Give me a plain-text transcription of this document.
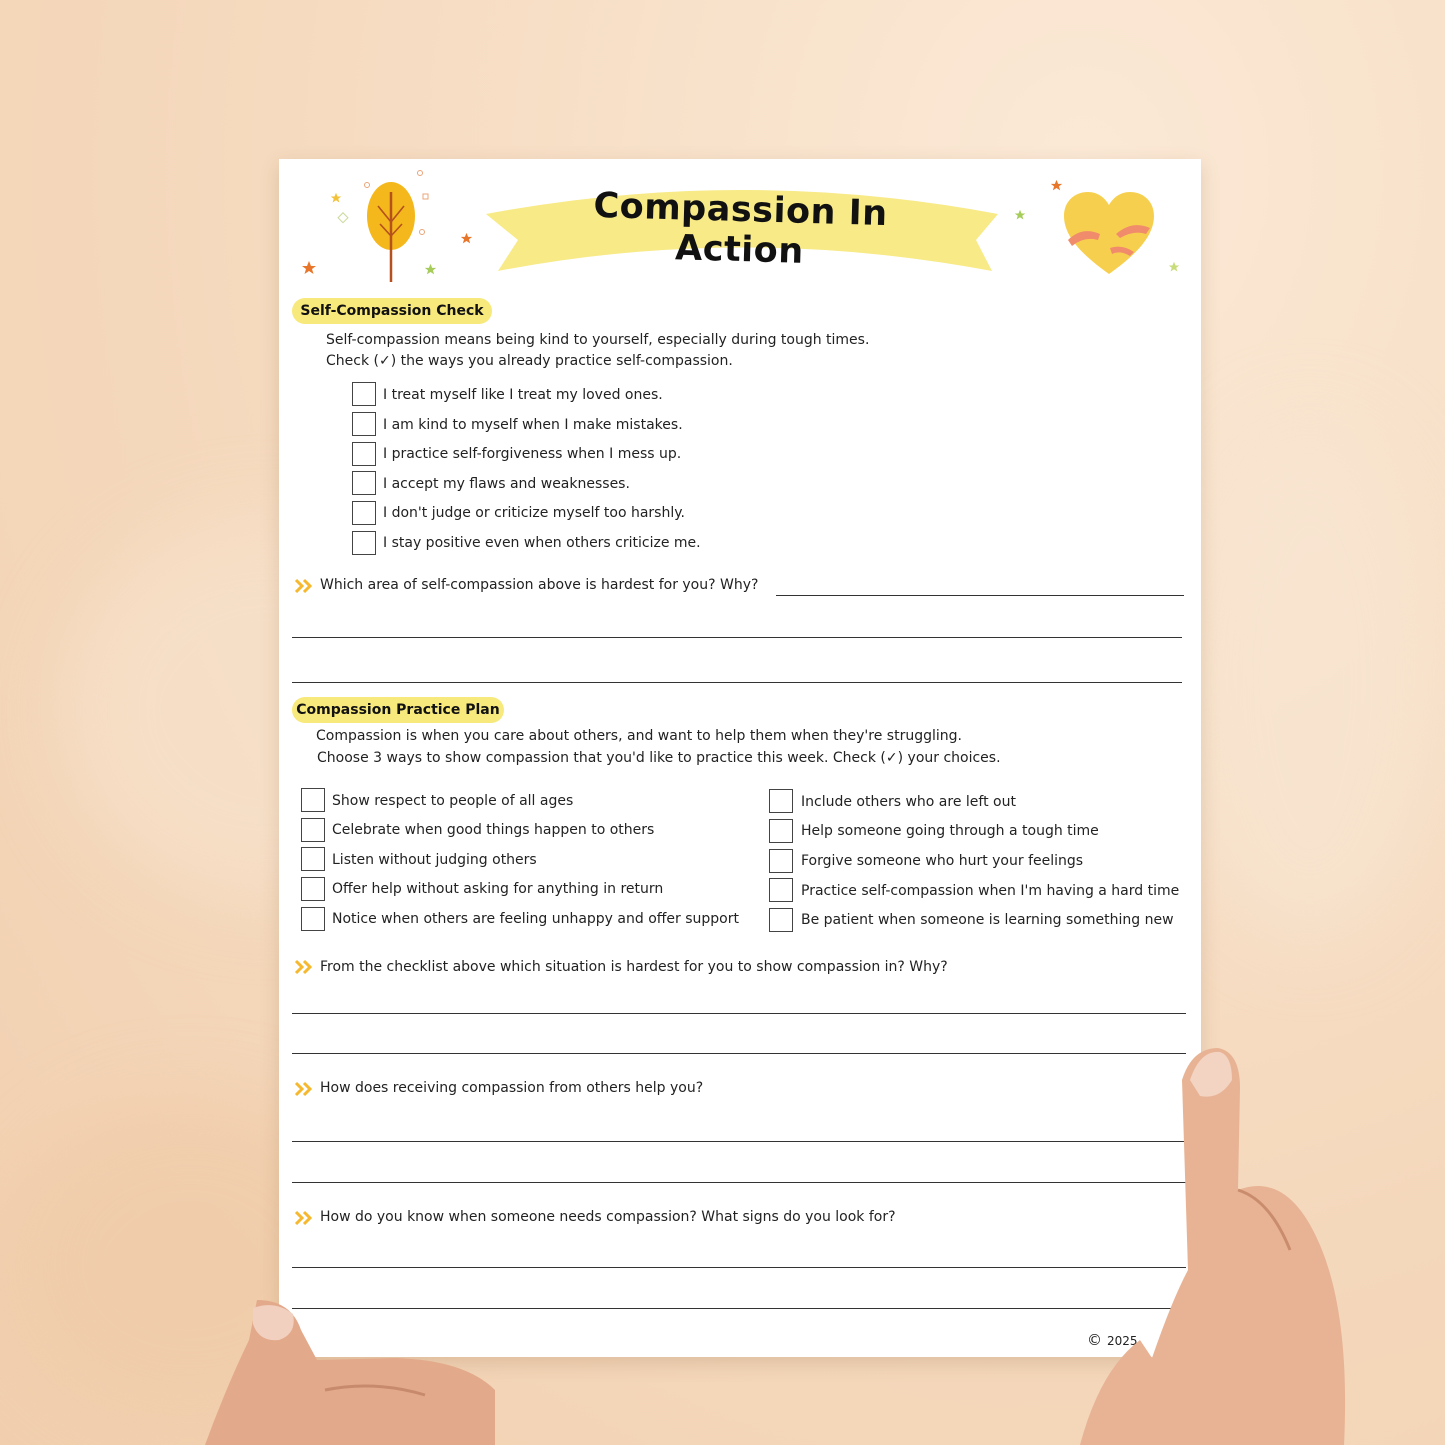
Compassion In Action
Self-Compassion Check
Self-compassion means being kind to yourself, especially during tough times.
Check (✓) the ways you already practice self-compassion.
I treat myself like I treat my loved ones.
I am kind to myself when I make mistakes.
I practice self-forgiveness when I mess up.
I accept my flaws and weaknesses.
I don't judge or criticize myself too harshly.
I stay positive even when others criticize me.
Which area of self-compassion above is hardest for you? Why?
Compassion Practice Plan
Compassion is when you care about others, and want to help them when they're struggling.
Choose 3 ways to show compassion that you'd like to practice this week. Check (✓) your choices.
Show respect to people of all ages
Celebrate when good things happen to others
Listen without judging others
Offer help without asking for anything in return
Notice when others are feeling unhappy and offer support
Include others who are left out
Help someone going through a tough time
Forgive someone who hurt your feelings
Practice self-compassion when I'm having a hard time
Be patient when someone is learning something new
From the checklist above which situation is hardest for you to show compassion in? Why?
How does receiving compassion from others help you?
How do you know when someone needs compassion? What signs do you look for?
© 2025
